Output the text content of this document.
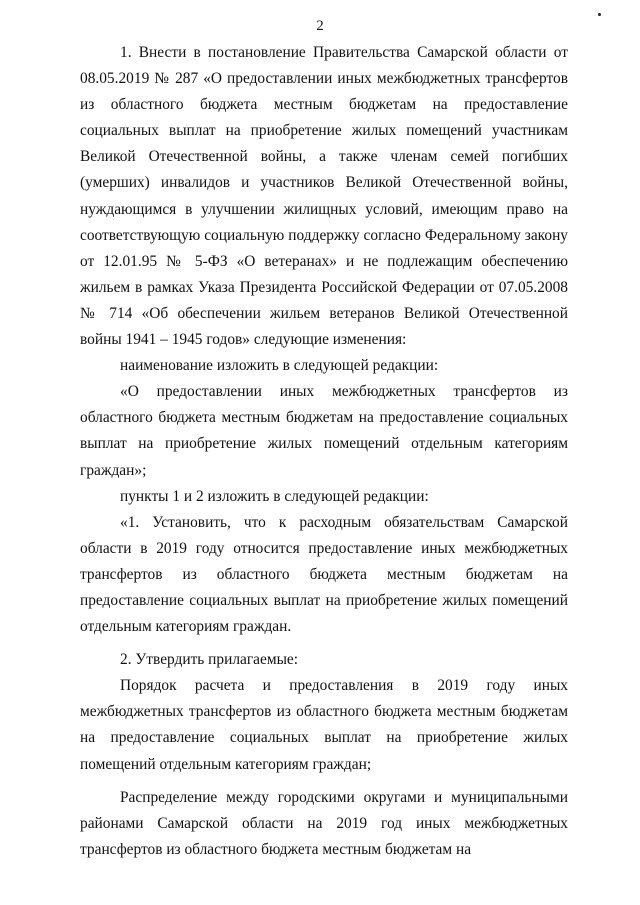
2

1. Внести в постановление Правительства Самарской области от 08.05.2019 № 287 «О предоставлении иных межбюджетных трансфертов из областного бюджета местным бюджетам на предоставление социальных выплат на приобретение жилых помещений участникам Великой Отечественной войны, а также членам семей погибших (умерших) инвалидов и участников Великой Отечественной войны, нуждающимся в улучшении жилищных условий, имеющим право на соответствующую социальную поддержку согласно Федеральному закону от 12.01.95 № 5-ФЗ «О ветеранах» и не подлежащим обеспечению жильем в рамках Указа Президента Российской Федерации от 07.05.2008 № 714 «Об обеспечении жильем ветеранов Великой Отечественной войны 1941 – 1945 годов» следующие изменения:

наименование изложить в следующей редакции:

«О предоставлении иных межбюджетных трансфертов из областного бюджета местным бюджетам на предоставление социальных выплат на приобретение жилых помещений отдельным категориям граждан»;

пункты 1 и 2 изложить в следующей редакции:

«1. Установить, что к расходным обязательствам Самарской области в 2019 году относится предоставление иных межбюджетных трансфертов из областного бюджета местным бюджетам на предоставление социальных выплат на приобретение жилых помещений отдельным категориям граждан.

2. Утвердить прилагаемые:

Порядок расчета и предоставления в 2019 году иных межбюджетных трансфертов из областного бюджета местным бюджетам на предоставление социальных выплат на приобретение жилых помещений отдельным категориям граждан;

Распределение между городскими округами и муниципальными районами Самарской области на 2019 год иных межбюджетных трансфертов из областного бюджета местным бюджетам на
